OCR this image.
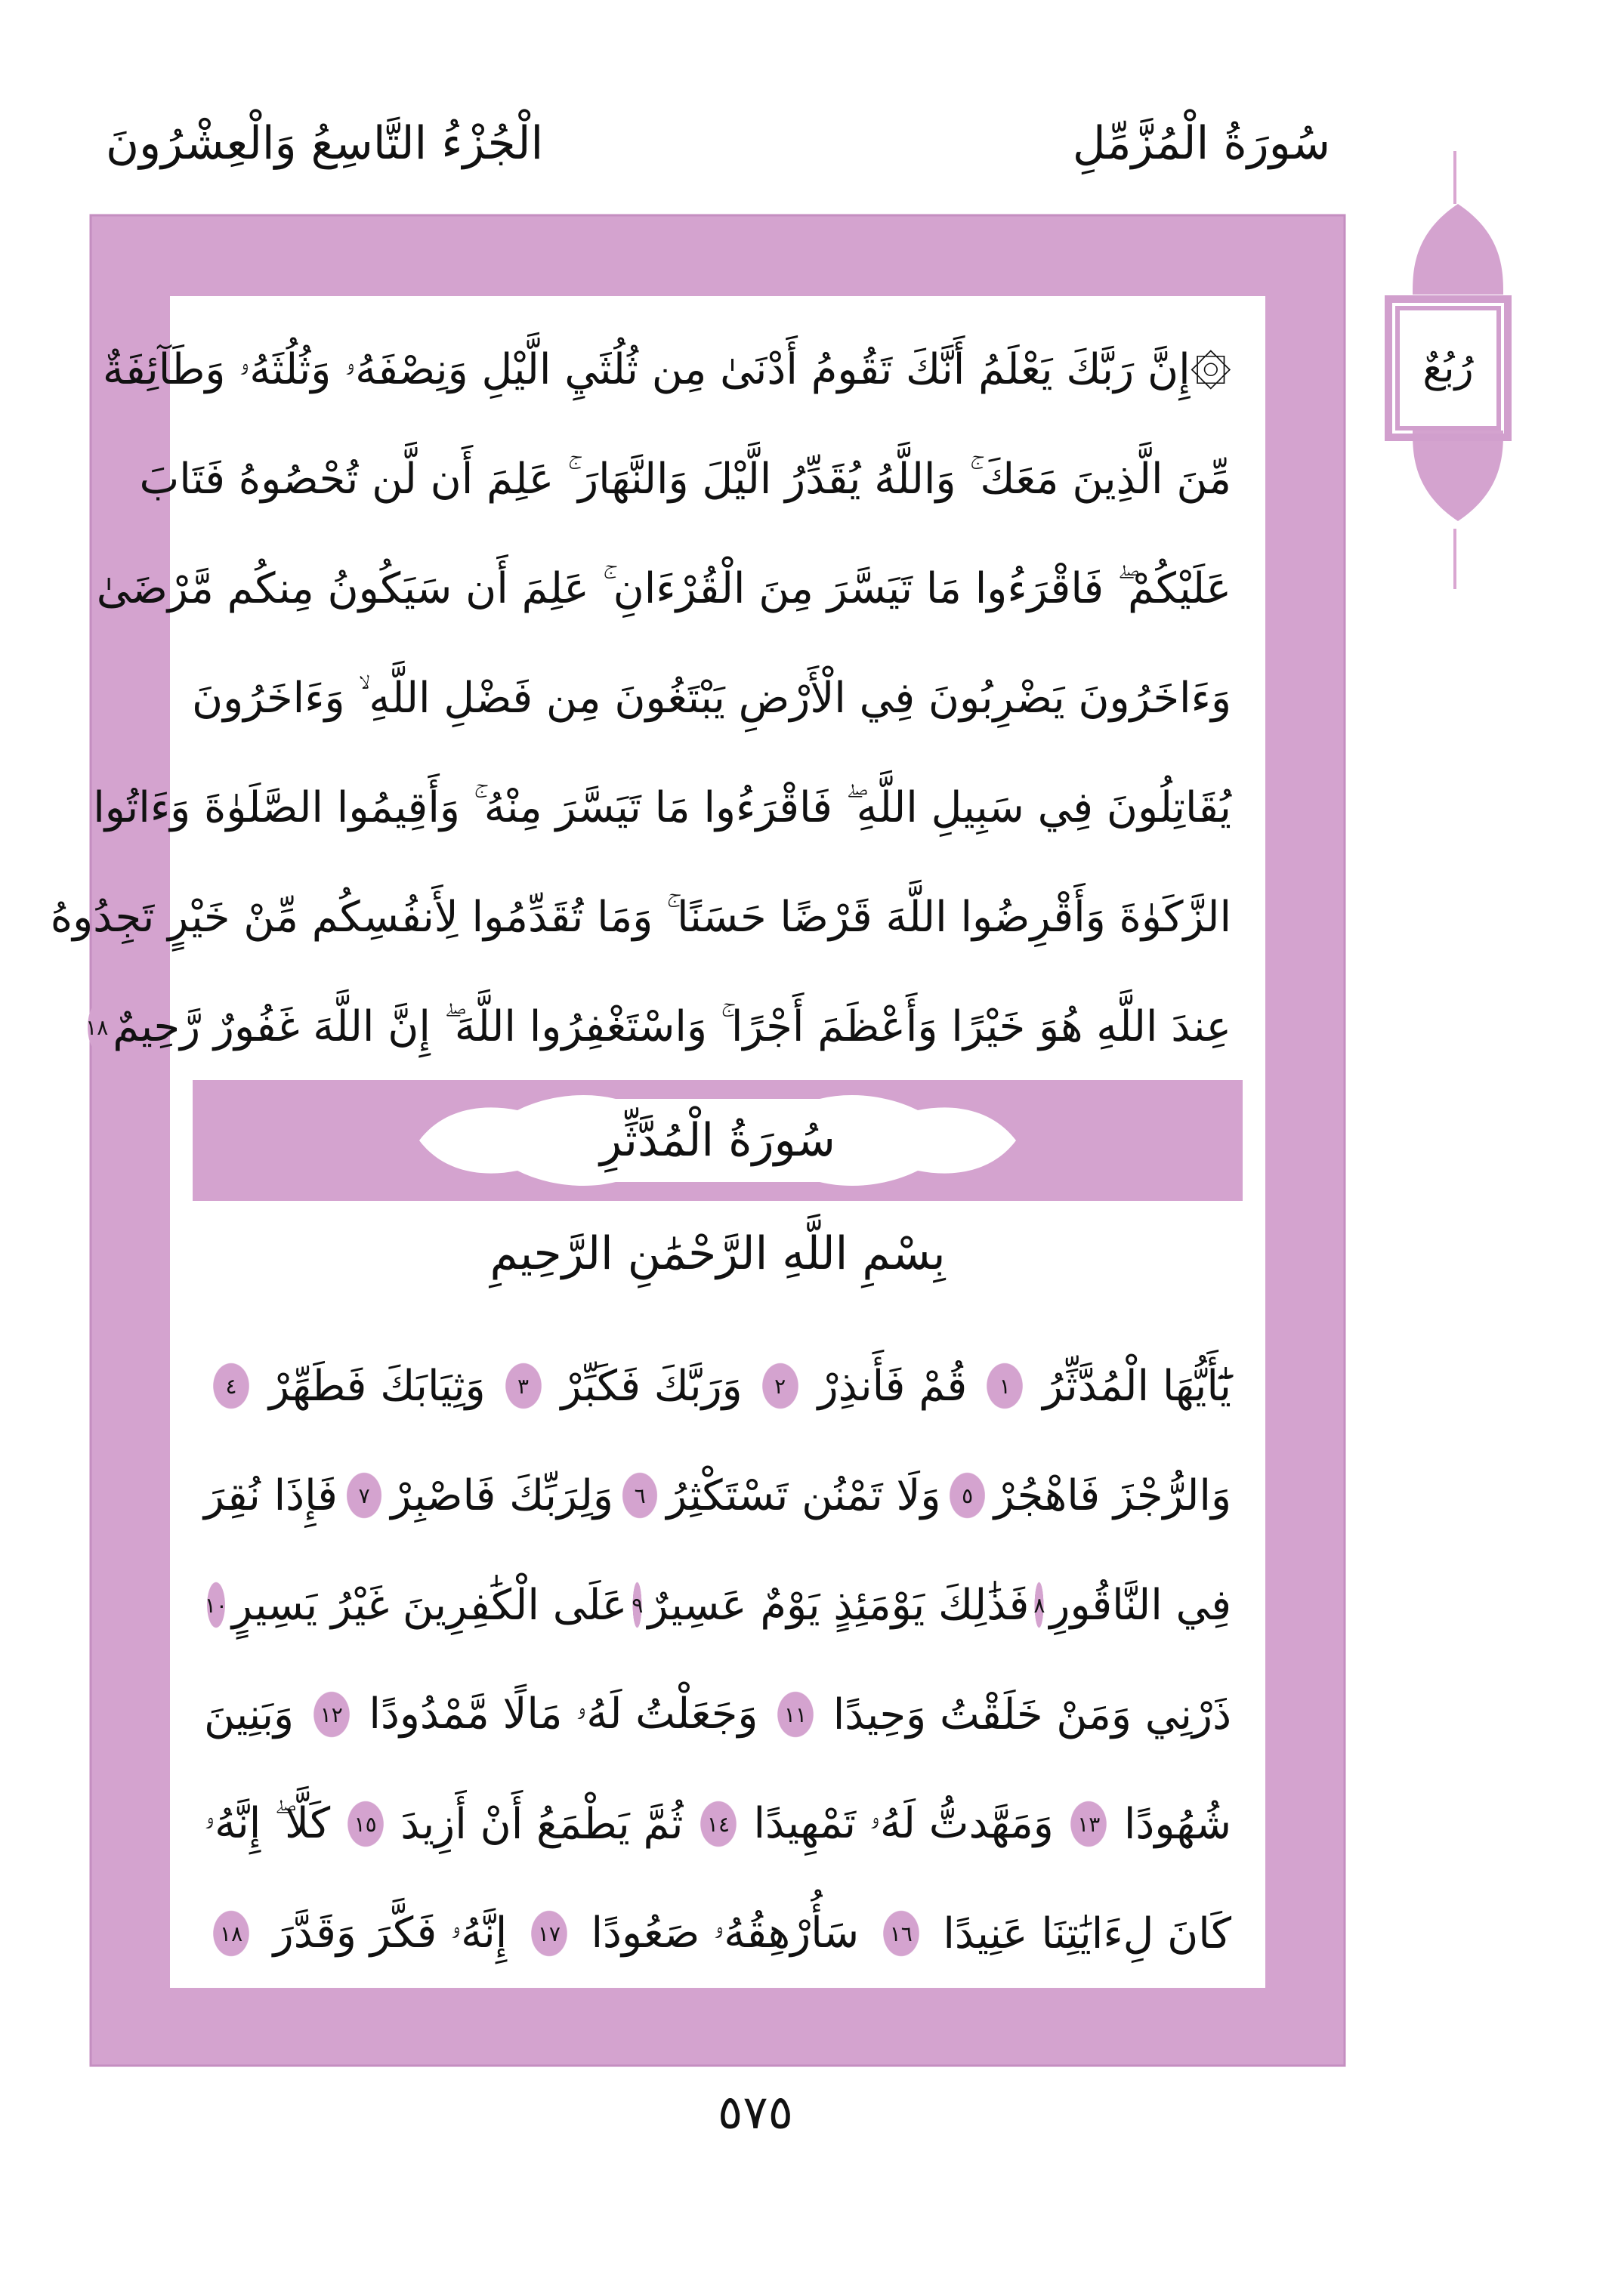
الْجُزْءُ التَّاسِعُ وَالْعِشْرُونَ	سُورَةُ الْمُزَّمِّلِ
رُبُعٌ
۞إِنَّ رَبَّكَ يَعْلَمُ أَنَّكَ تَقُومُ أَدْنَىٰ مِن ثُلُثَيِ الَّيْلِ وَنِصْفَهُۥ وَثُلُثَهُۥ وَطَآئِفَةٌ
مِّنَ الَّذِينَ مَعَكَ ۚ وَاللَّهُ يُقَدِّرُ الَّيْلَ وَالنَّهَارَ ۚ عَلِمَ أَن لَّن تُحْصُوهُ فَتَابَ
عَلَيْكُمْ ۖ فَاقْرَءُوا مَا تَيَسَّرَ مِنَ الْقُرْءَانِ ۚ عَلِمَ أَن سَيَكُونُ مِنكُم مَّرْضَىٰ
وَءَاخَرُونَ يَضْرِبُونَ فِي الْأَرْضِ يَبْتَغُونَ مِن فَضْلِ اللَّهِ ۙ وَءَاخَرُونَ
يُقَاتِلُونَ فِي سَبِيلِ اللَّهِ ۖ فَاقْرَءُوا مَا تَيَسَّرَ مِنْهُ ۚ وَأَقِيمُوا الصَّلَوٰةَ وَءَاتُوا
الزَّكَوٰةَ وَأَقْرِضُوا اللَّهَ قَرْضًا حَسَنًا ۚ وَمَا تُقَدِّمُوا لِأَنفُسِكُم مِّنْ خَيْرٍ تَجِدُوهُ
عِندَ اللَّهِ هُوَ خَيْرًا وَأَعْظَمَ أَجْرًا ۚ وَاسْتَغْفِرُوا اللَّهَ ۖ إِنَّ اللَّهَ غَفُورٌ رَّحِيمٌ
١٨
سُورَةُ الْمُدَّثِّرِ
بِسْمِ اللَّهِ الرَّحْمَٰنِ الرَّحِيمِ
يَٰٓأَيُّهَا الْمُدَّثِّرُ
١
قُمْ فَأَنذِرْ
٢
وَرَبَّكَ فَكَبِّرْ
٣
وَثِيَابَكَ فَطَهِّرْ
٤
وَالرُّجْزَ فَاهْجُرْ
٥
وَلَا تَمْنُن تَسْتَكْثِرُ
٦
وَلِرَبِّكَ فَاصْبِرْ
٧
فَإِذَا نُقِرَ
فِي النَّاقُورِ
٨
فَذَٰلِكَ يَوْمَئِذٍ يَوْمٌ عَسِيرٌ
٩
عَلَى الْكَٰفِرِينَ غَيْرُ يَسِيرٍ
١٠
ذَرْنِي وَمَنْ خَلَقْتُ وَحِيدًا
١١
وَجَعَلْتُ لَهُۥ مَالًا مَّمْدُودًا
١٢
وَبَنِينَ
شُهُودًا
١٣
وَمَهَّدتُّ لَهُۥ تَمْهِيدًا
١٤
ثُمَّ يَطْمَعُ أَنْ أَزِيدَ
١٥
كَلَّا ۖ إِنَّهُۥ
كَانَ لِءَايَٰتِنَا عَنِيدًا
١٦
سَأُرْهِقُهُۥ صَعُودًا
١٧
إِنَّهُۥ فَكَّرَ وَقَدَّرَ
١٨
٥٧٥
